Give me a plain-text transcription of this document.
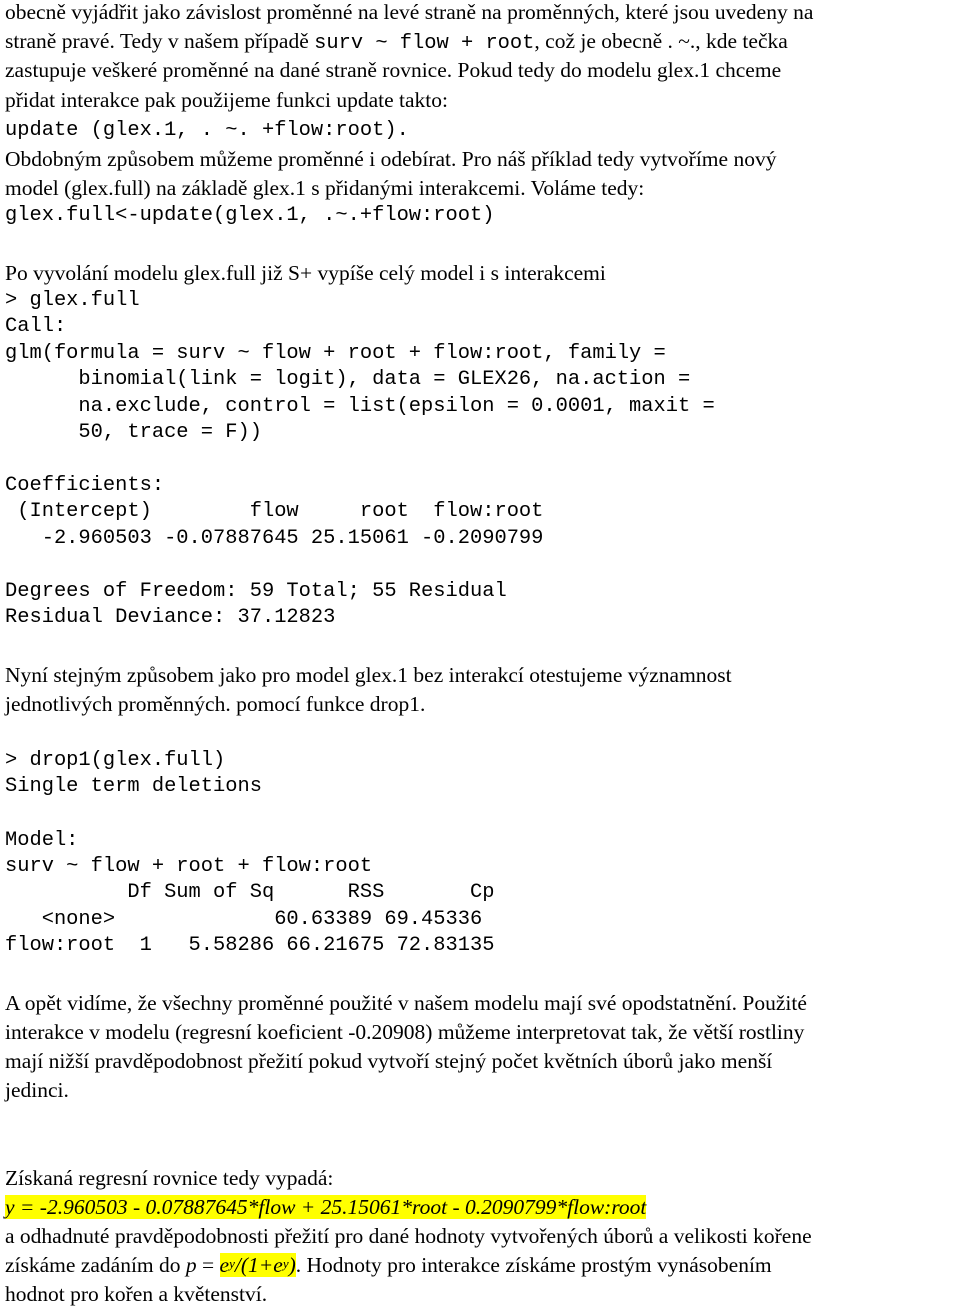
obecně vyjádřit jako závislost proměnné na levé straně na proměnných, které jsou uvedeny na
straně pravé. Tedy v našem případě surv ~ flow + root, což je obecně . ~., kde tečka
zastupuje veškeré proměnné na dané straně rovnice. Pokud tedy do modelu glex.1 chceme
přidat interakce pak použijeme funkci update takto:
update (glex.1, . ~. +flow:root).
Obdobným způsobem můžeme proměnné i odebírat. Pro náš příklad tedy vytvoříme nový
model (glex.full) na základě glex.1 s přidanými interakcemi. Voláme tedy:
glex.full<-update(glex.1, .~.+flow:root)
Po vyvolání modelu glex.full již S+ vypíše celý model i s interakcemi
> glex.full
Call:
glm(formula = surv ~ flow + root + flow:root, family =
binomial(link = logit), data = GLEX26, na.action =
na.exclude, control = list(epsilon = 0.0001, maxit =
50, trace = F))
Coefficients:
(Intercept)        flow     root  flow:root
-2.960503 -0.07887645 25.15061 -0.2090799
Degrees of Freedom: 59 Total; 55 Residual
Residual Deviance: 37.12823
Nyní stejným způsobem jako pro model glex.1 bez interakcí otestujeme významnost
jednotlivých proměnných. pomocí funkce drop1.
> drop1(glex.full)
Single term deletions
Model:
surv ~ flow + root + flow:root
Df Sum of Sq      RSS       Cp
<none>             60.63389 69.45336
flow:root  1   5.58286 66.21675 72.83135
A opět vidíme, že všechny proměnné použité v našem modelu mají své opodstatnění. Použité
interakce v modelu (regresní koeficient -0.20908) můžeme interpretovat tak, že větší rostliny
mají nižší pravděpodobnost přežití pokud vytvoří stejný počet květních úborů jako menší
jedinci.
Získaná regresní rovnice tedy vypadá:
y = -2.960503 - 0.07887645*flow + 25.15061*root - 0.2090799*flow:root
a odhadnuté pravděpodobnosti přežití pro dané hodnoty vytvořených úborů a velikosti kořene
získáme zadáním do $p = e^y/(1+e^y)$. Hodnoty pro interakce získáme prostým vynásobením
hodnot pro kořen a květenství.
